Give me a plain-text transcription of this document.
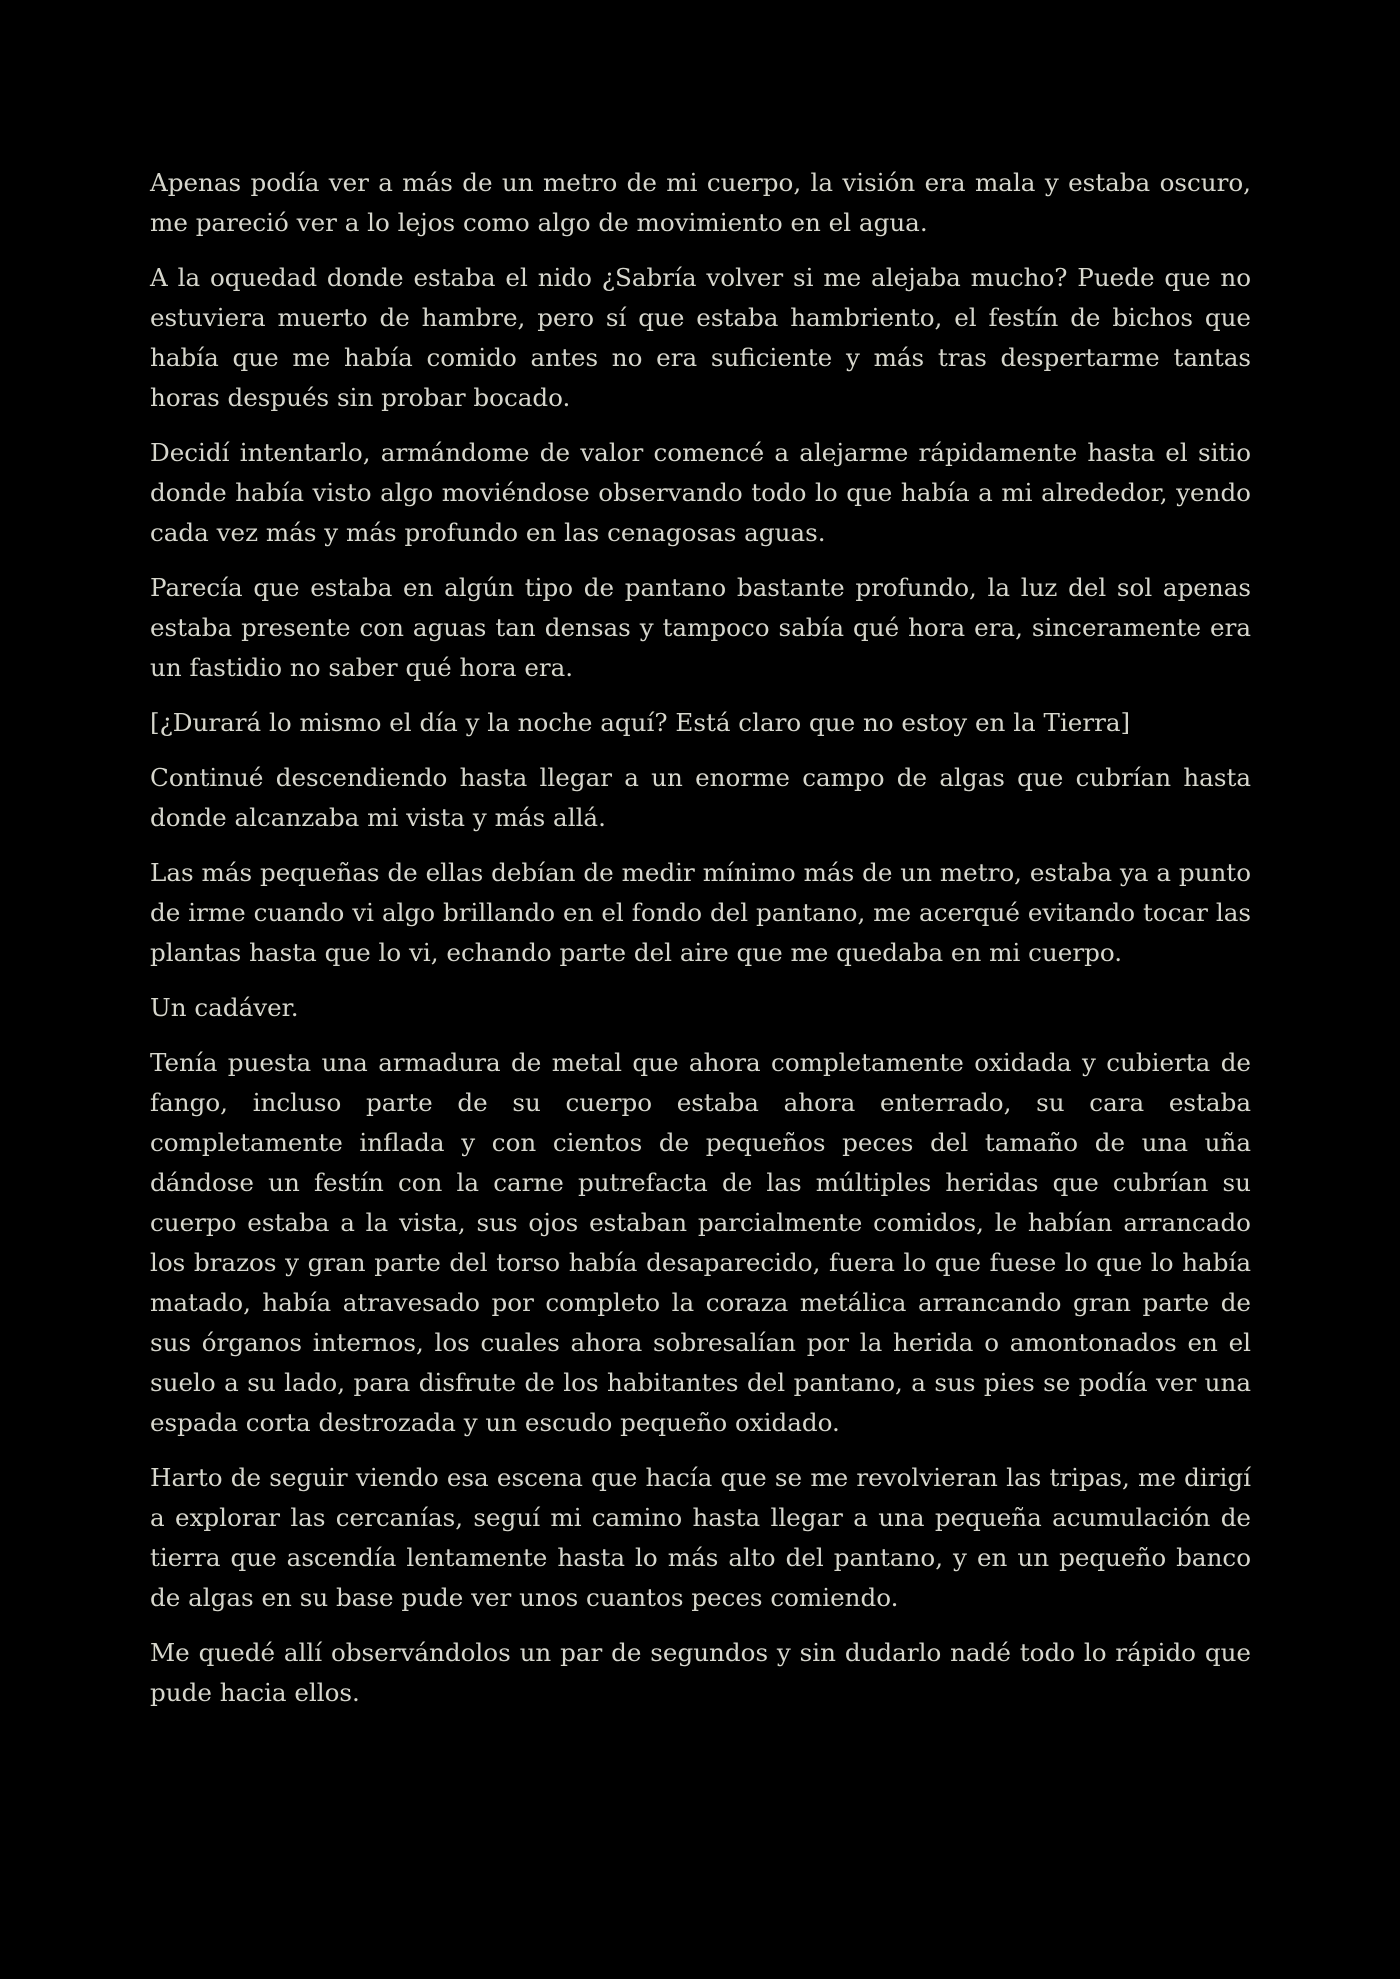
Apenas podía ver a más de un metro de mi cuerpo, la visión era mala y estaba oscuro, me pareció ver a lo lejos como algo de movimiento en el agua.

A la oquedad donde estaba el nido ¿Sabría volver si me alejaba mucho? Puede que no estuviera muerto de hambre, pero sí que estaba hambriento, el festín de bichos que había que me había comido antes no era suficiente y más tras despertarme tantas horas después sin probar bocado.

Decidí intentarlo, armándome de valor comencé a alejarme rápidamente hasta el sitio donde había visto algo moviéndose observando todo lo que había a mi alrededor, yendo cada vez más y más profundo en las cenagosas aguas.

Parecía que estaba en algún tipo de pantano bastante profundo, la luz del sol apenas estaba presente con aguas tan densas y tampoco sabía qué hora era, sinceramente era un fastidio no saber qué hora era.

[¿Durará lo mismo el día y la noche aquí? Está claro que no estoy en la Tierra]

Continué descendiendo hasta llegar a un enorme campo de algas que cubrían hasta donde alcanzaba mi vista y más allá.

Las más pequeñas de ellas debían de medir mínimo más de un metro, estaba ya a punto de irme cuando vi algo brillando en el fondo del pantano, me acerqué evitando tocar las plantas hasta que lo vi, echando parte del aire que me quedaba en mi cuerpo.

Un cadáver.

Tenía puesta una armadura de metal que ahora completamente oxidada y cubierta de fango, incluso parte de su cuerpo estaba ahora enterrado, su cara estaba completamente inflada y con cientos de pequeños peces del tamaño de una uña dándose un festín con la carne putrefacta de las múltiples heridas que cubrían su cuerpo estaba a la vista, sus ojos estaban parcialmente comidos, le habían arrancado los brazos y gran parte del torso había desaparecido, fuera lo que fuese lo que lo había matado, había atravesado por completo la coraza metálica arrancando gran parte de sus órganos internos, los cuales ahora sobresalían por la herida o amontonados en el suelo a su lado, para disfrute de los habitantes del pantano, a sus pies se podía ver una espada corta destrozada y un escudo pequeño oxidado.

Harto de seguir viendo esa escena que hacía que se me revolvieran las tripas, me dirigí a explorar las cercanías, seguí mi camino hasta llegar a una pequeña acumulación de tierra que ascendía lentamente hasta lo más alto del pantano, y en un pequeño banco de algas en su base pude ver unos cuantos peces comiendo.

Me quedé allí observándolos un par de segundos y sin dudarlo nadé todo lo rápido que pude hacia ellos.
